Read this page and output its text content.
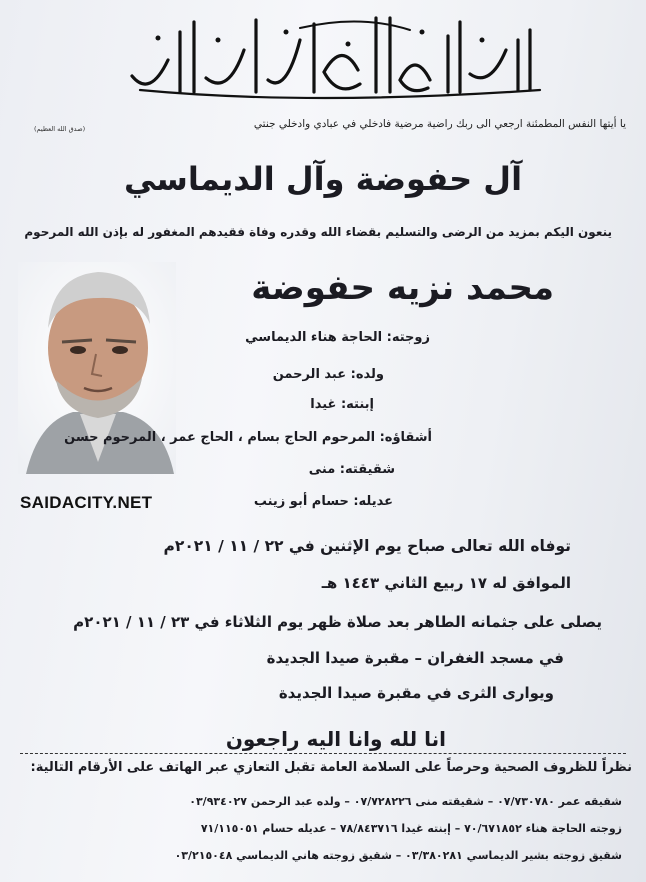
يا أيتها النفس المطمئنة ارجعي الى ربك راضية مرضية فادخلي في عبادي وادخلي جنتي
(صدق الله العظيم)
آل حفوضة وآل الديماسي
ينعون اليكم بمزيد من الرضى والتسليم بقضاء الله وقدره وفاة فقيدهم المغفور له بإذن الله المرحوم
محمد نزيه حفوضة
زوجته: الحاجة هناء الديماسي
ولده: عبد الرحمن
إبنته: غيدا
أشقاؤه: المرحوم الحاج بسام ، الحاج عمر ، المرحوم حسن
شقيقته: منى
عديله: حسام أبو زينب
SAIDACITY.NET
توفاه الله تعالى صباح يوم الإثنين في ٢٢ / ١١ / ٢٠٢١م
الموافق له ١٧ ربيع الثاني ١٤٤٣ هـ
يصلى على جثمانه الطاهر بعد صلاة ظهر يوم الثلاثاء في ٢٣ / ١١ / ٢٠٢١م
في مسجد الغفران – مقبرة صيدا الجديدة
ويوارى الثرى في مقبرة صيدا الجديدة
انا لله وانا اليه راجعون
نظراً للظروف الصحية وحرصاً على السلامة العامة تقبل التعازي عبر الهاتف على الأرقام التالية:
شقيقه عمر ٠٧/٧٣٠٧٨٠ – شقيقته منى ٠٧/٧٢٨٢٢٦ – ولده عبد الرحمن ٠٣/٩٣٤٠٢٧
زوجته الحاجة هناء ٧٠/٦٧١٨٥٢ – إبنته غيدا ٧٨/٨٤٣٧١٦ – عديله حسام ٧١/١١٥٠٥١
شقيق زوجته بشير الديماسي ٠٣/٣٨٠٢٨١ – شقيق زوجته هاني الديماسي ٠٣/٢١٥٠٤٨
